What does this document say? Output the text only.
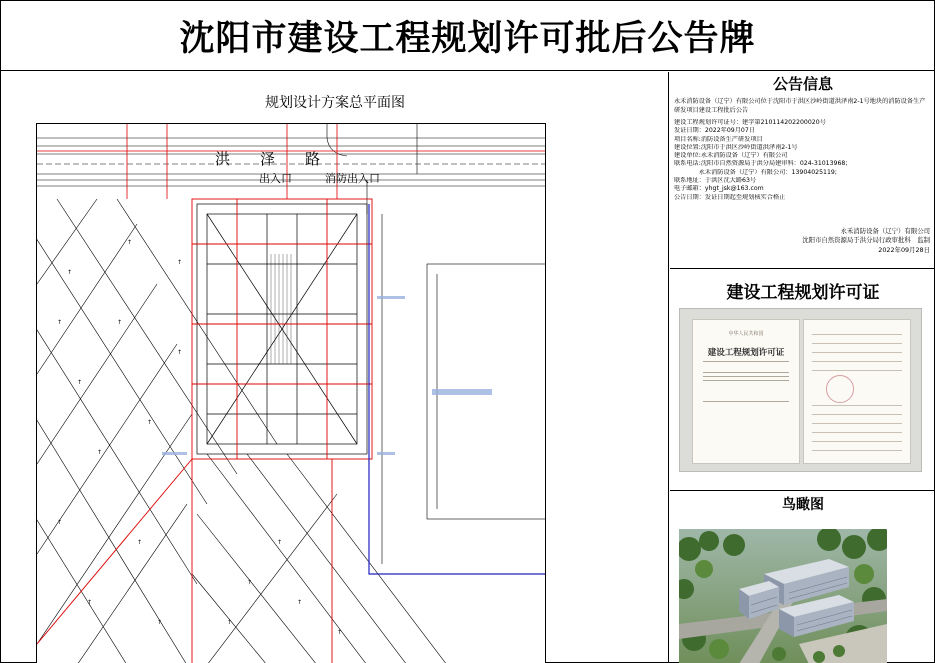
沈阳市建设工程规划许可批后公告牌
规划设计方案总平面图
洪　　泽　　路
出入口	消防出入口
↑
↑
↑
↑
↑
↑
↑
↑
↑
↑
↑
↑
↑
↑
↑
↑
↑
↑
公告信息
永禾消防设备（辽宁）有限公司位于沈阳市于洪区沙岭街道洪泽南2-1号地块的消防设备生产研发项目建设工程批后公告
建设工程规划许可证号：建字第210114202200020号
发证日期：2022年09月07日
项目名称:消防设备生产研发项目
建设位置:沈阳市于洪区沙岭街道洪泽南2-1号
建设单位:永禾消防设备（辽宁）有限公司
联系电话:沈阳市自然资源局于洪分局建审科：024-31013968;
　　　　永禾消防设备（辽宁）有限公司：13904025119;
联系地址：于洪区沈大路63号
电子邮箱：yhgt_jsk@163.com
公告日期：发证日期起至规划核实合格止
永禾消防设备（辽宁）有限公司
沈阳市自然资源局于洪分局行政审批科　监制
2022年09月28日
建设工程规划许可证
中华人民共和国
建设工程规划许可证
鸟瞰图
